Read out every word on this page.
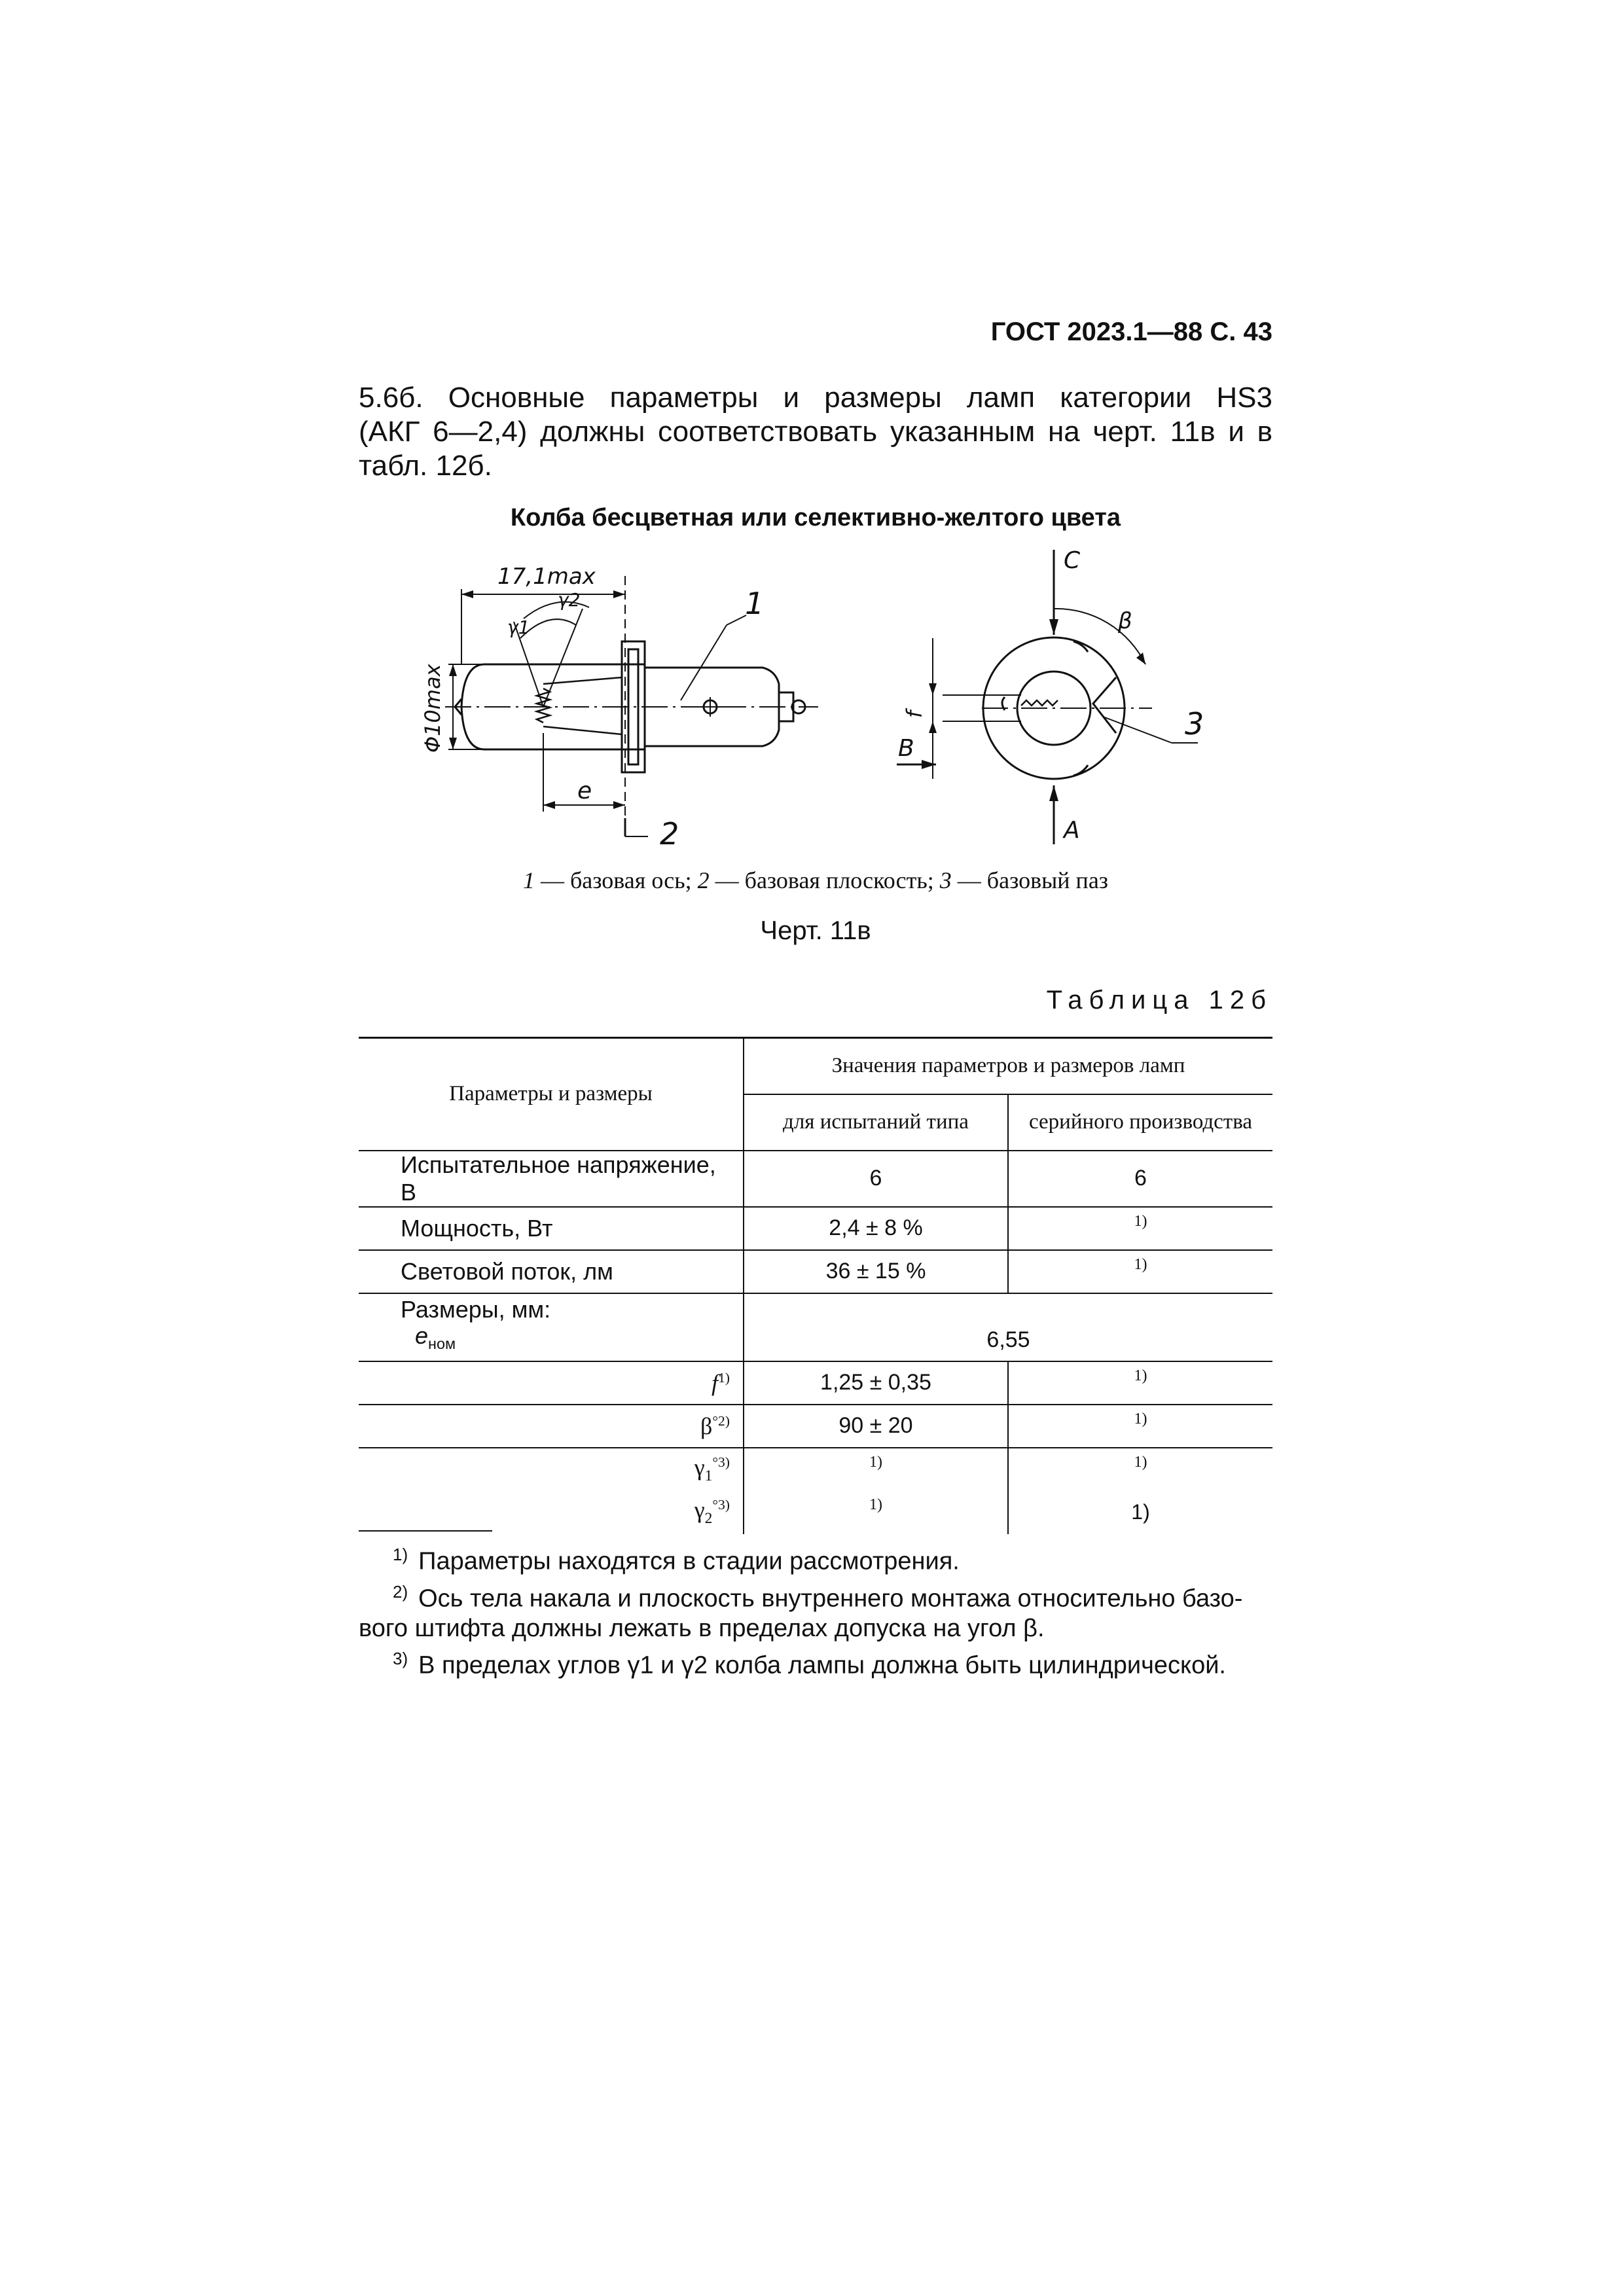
ГОСТ 2023.1—88 С. 43
5.6б. Основные параметры и размеры ламп категории HS3
(АКГ 6—2,4) должны соответствовать указанным на черт. 11в и в
табл. 12б.
Колба бесцветная или селективно-желтого цвета
17,1max
Φ10max
e
γ1
γ2	1
2
f
β
3
A
B
C
1 — базовая ось; 2 — базовая плоскость; 3 — базовый паз
Черт. 11в
Таблица 12б
Параметры и размеры	Значения параметров и размеров ламп	
	для испытаний типа	серийного производства
Испытательное напряжение, В	6	6
Мощность, Вт	2,4 ± 8 %	1)
Световой поток, лм	36 ± 15 %	1)
Размеры, мм:
$e_{ном}$	6,55	
$f^{1)}$	1,25 ± 0,35	1)
$\beta^{^\circ 2)}$	90 ± 20	1)
$\gamma_1^{^\circ 3)}$	1)	1)
$\gamma_2^{^\circ 3)}$	1)	1)

$^{1)}$ Параметры находятся в стадии рассмотрения.

$^{2)}$ Ось тела накала и плоскость внутреннего монтажа относительно базо-

вого штифта должны лежать в пределах допуска на угол β.

$^{3)}$ В пределах углов γ1 и γ2 колба лампы должна быть цилиндрической.
